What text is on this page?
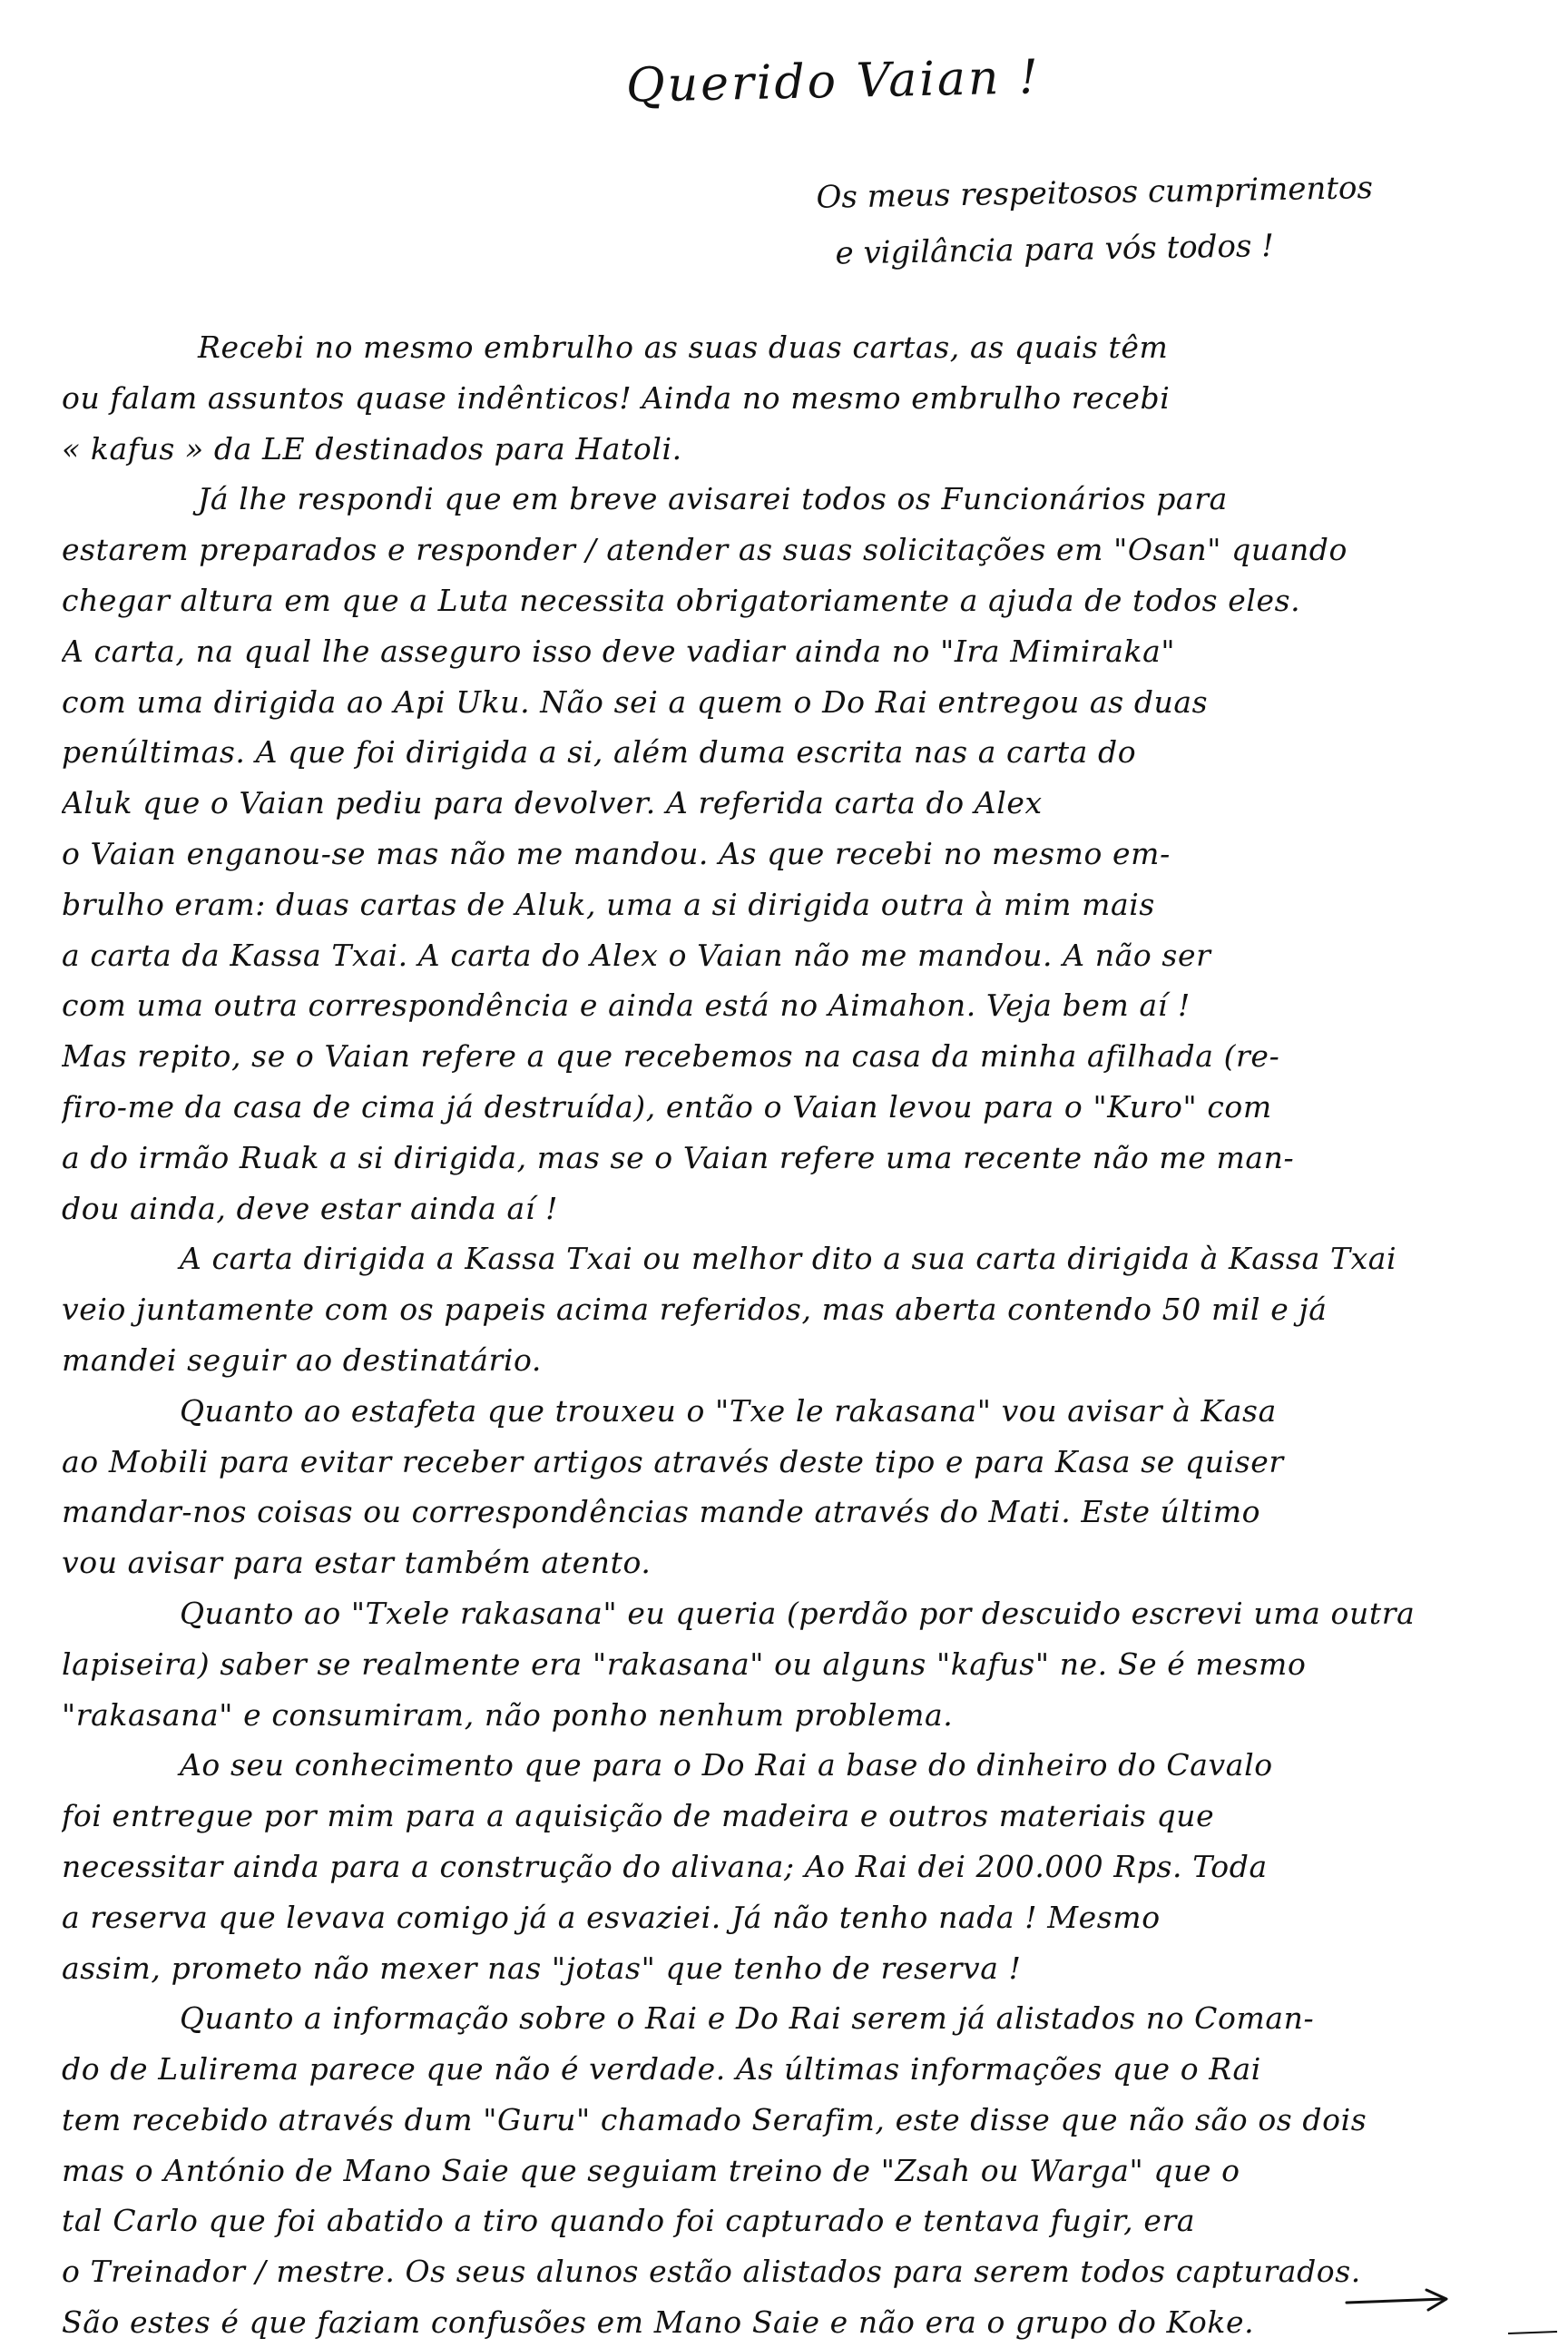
Querido Vaian !
Os meus respeitosos cumprimentos
e vigilância para vós todos !
Recebi no mesmo embrulho as suas duas cartas, as quais têm
ou falam assuntos quase indênticos! Ainda no mesmo embrulho recebi
« kafus » da LE destinados para Hatoli.
Já lhe respondi que em breve avisarei todos os Funcionários para
estarem preparados e responder / atender as suas solicitações em "Osan" quando
chegar altura em que a Luta necessita obrigatoriamente a ajuda de todos eles.
A carta, na qual lhe asseguro isso deve vadiar ainda no "Ira Mimiraka"
com uma dirigida ao Api Uku. Não sei a quem o Do Rai entregou as duas
penúltimas. A que foi dirigida a si, além duma escrita nas a carta do
Aluk que o Vaian pediu para devolver. A referida carta do Alex
o Vaian enganou-se mas não me mandou. As que recebi no mesmo em-
brulho eram: duas cartas de Aluk, uma a si dirigida outra à mim mais
a carta da Kassa Txai. A carta do Alex o Vaian não me mandou. A não ser
com uma outra correspondência e ainda está no Aimahon. Veja bem aí !
Mas repito, se o Vaian refere a que recebemos na casa da minha afilhada (re-
firo-me da casa de cima já destruída), então o Vaian levou para o "Kuro" com
a do irmão Ruak a si dirigida, mas se o Vaian refere uma recente não me man-
dou ainda, deve estar ainda aí !
A carta dirigida a Kassa Txai ou melhor dito a sua carta dirigida à Kassa Txai
veio juntamente com os papeis acima referidos, mas aberta contendo 50 mil e já
mandei seguir ao destinatário.
Quanto ao estafeta que trouxeu o "Txe le rakasana" vou avisar à Kasa
ao Mobili para evitar receber artigos através deste tipo e para Kasa se quiser
mandar-nos coisas ou correspondências mande através do Mati. Este último
vou avisar para estar também atento.
Quanto ao "Txele rakasana" eu queria (perdão por descuido escrevi uma outra
lapiseira) saber se realmente era "rakasana" ou alguns "kafus" ne. Se é mesmo
"rakasana" e consumiram, não ponho nenhum problema.
Ao seu conhecimento que para o Do Rai a base do dinheiro do Cavalo
foi entregue por mim para a aquisição de madeira e outros materiais que
necessitar ainda para a construção do alivana; Ao Rai dei 200.000 Rps. Toda
a reserva que levava comigo já a esvaziei. Já não tenho nada ! Mesmo
assim, prometo não mexer nas "jotas" que tenho de reserva !
Quanto a informação sobre o Rai e Do Rai serem já alistados no Coman-
do de Lulirema parece que não é verdade. As últimas informações que o Rai
tem recebido através dum "Guru" chamado Serafim, este disse que não são os dois
mas o António de Mano Saie que seguiam treino de "Zsah ou Warga" que o
tal Carlo que foi abatido a tiro quando foi capturado e tentava fugir, era
o Treinador / mestre. Os seus alunos estão alistados para serem todos capturados.
São estes é que faziam confusões em Mano Saie e não era o grupo do Koke.
